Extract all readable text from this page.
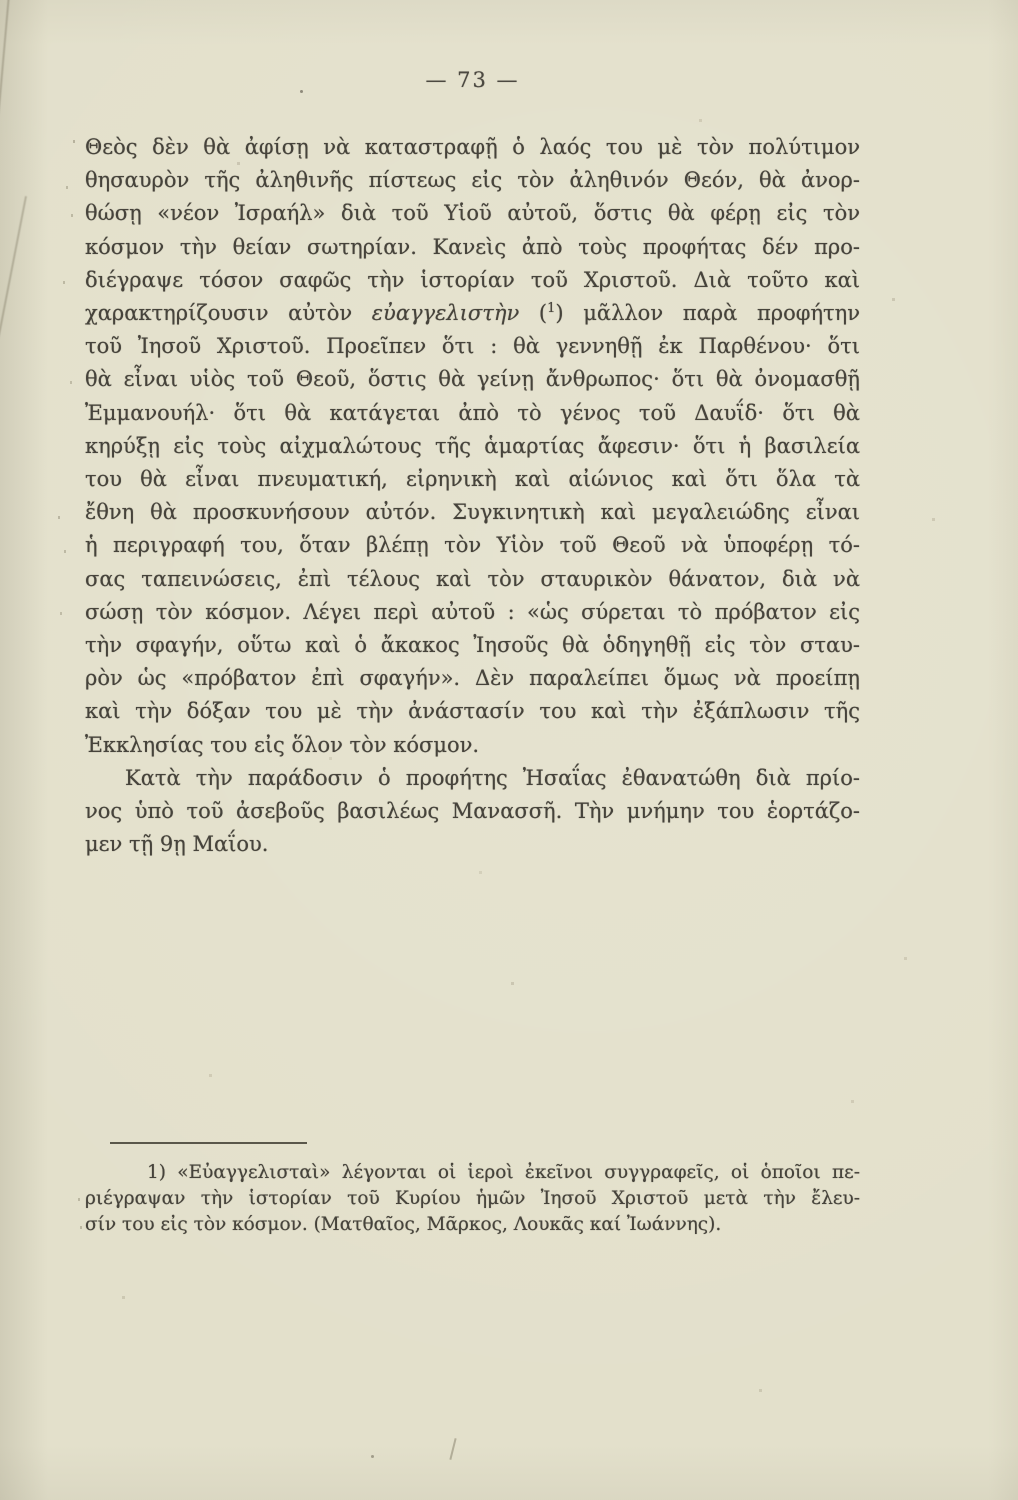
— 73 —
Θεὸς δὲν θὰ ἀφίσῃ νὰ καταστραφῇ ὁ λαός του μὲ τὸν πολύτιμον
θησαυρὸν τῆς ἀληθινῆς πίστεως εἰς τὸν ἀληθινόν Θεόν, θὰ ἀνορ-
θώσῃ «νέον Ἰσραήλ» διὰ τοῦ Υἱοῦ αὐτοῦ, ὅστις θὰ φέρῃ εἰς τὸν
κόσμον τὴν θείαν σωτηρίαν. Κανεὶς ἀπὸ τοὺς προφήτας δέν προ-
διέγραψε τόσον σαφῶς τὴν ἱστορίαν τοῦ Χριστοῦ. Διὰ τοῦτο καὶ
χαρακτηρίζουσιν αὐτὸν εὐαγγελιστὴν ($^1$) μᾶλλον παρὰ προφήτην
τοῦ Ἰησοῦ Χριστοῦ. Προεῖπεν ὅτι : θὰ γεννηθῇ ἐκ Παρθένου· ὅτι
θὰ εἶναι υἱὸς τοῦ Θεοῦ, ὅστις θὰ γείνῃ ἄνθρωπος· ὅτι θὰ ὀνομασθῇ
Ἐμμανουήλ· ὅτι θὰ κατάγεται ἀπὸ τὸ γένος τοῦ Δαυΐδ· ὅτι θὰ
κηρύξῃ εἰς τοὺς αἰχμαλώτους τῆς ἁμαρτίας ἄφεσιν· ὅτι ἡ βασιλεία
του θὰ εἶναι πνευματική, εἰρηνικὴ καὶ αἰώνιος καὶ ὅτι ὅλα τὰ
ἔθνη θὰ προσκυνήσουν αὐτόν. Συγκινητικὴ καὶ μεγαλειώδης εἶναι
ἡ περιγραφή του, ὅταν βλέπῃ τὸν Υἱὸν τοῦ Θεοῦ νὰ ὑποφέρῃ τό-
σας ταπεινώσεις, ἐπὶ τέλους καὶ τὸν σταυρικὸν θάνατον, διὰ νὰ
σώσῃ τὸν κόσμον. Λέγει περὶ αὐτοῦ : «ὡς σύρεται τὸ πρόβατον εἰς
τὴν σφαγήν, οὕτω καὶ ὁ ἄκακος Ἰησοῦς θὰ ὁδηγηθῇ εἰς τὸν σταυ-
ρὸν ὡς «πρόβατον ἐπὶ σφαγήν». Δὲν παραλείπει ὅμως νὰ προείπῃ
καὶ τὴν δόξαν του μὲ τὴν ἀνάστασίν του καὶ τὴν ἐξάπλωσιν τῆς
Ἐκκλησίας του εἰς ὅλον τὸν κόσμον.
Κατὰ τὴν παράδοσιν ὁ προφήτης Ἠσαΐας ἐθανατώθη διὰ πρίο-
νος ὑπὸ τοῦ ἀσεβοῦς βασιλέως Μανασσῆ. Τὴν μνήμην του ἑορτάζο-
μεν τῇ 9ῃ Μαΐου.
1) «Εὐαγγελισταὶ» λέγονται οἱ ἱεροὶ ἐκεῖνοι συγγραφεῖς, οἱ ὁποῖοι πε-
ριέγραψαν τὴν ἱστορίαν τοῦ Κυρίου ἡμῶν Ἰησοῦ Χριστοῦ μετὰ τὴν ἔλευ-
σίν του εἰς τὸν κόσμον. (Ματθαῖος, Μᾶρκος, Λουκᾶς καί Ἰωάννης).
